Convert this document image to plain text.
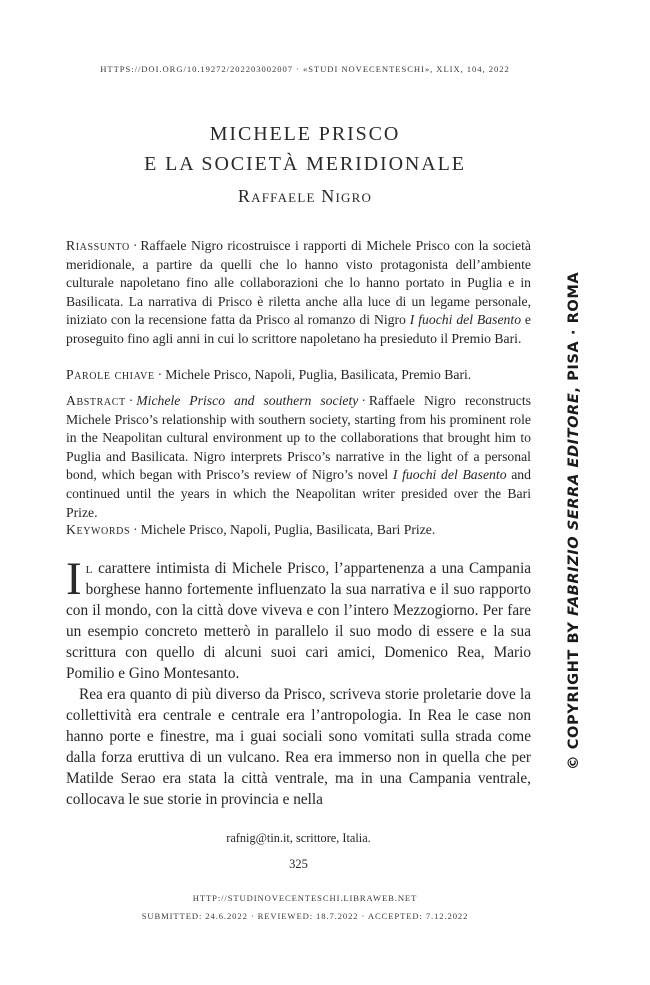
HTTPS://DOI.ORG/10.19272/202203002007 · «STUDI NOVECENTESCHI», XLIX, 104, 2022
MICHELE PRISCO
E LA SOCIETÀ MERIDIONALE
Raffaele Nigro
Riassunto · Raffaele Nigro ricostruisce i rapporti di Michele Prisco con la società meridionale, a partire da quelli che lo hanno visto protagonista dell’ambiente culturale napoletano fino alle collaborazioni che lo hanno portato in Puglia e in Basilicata. La narrativa di Prisco è riletta anche alla luce di un legame personale, iniziato con la recensione fatta da Prisco al romanzo di Nigro I fuochi del Basento e proseguito fino agli anni in cui lo scrittore napoletano ha presieduto il Premio Bari.
Parole chiave · Michele Prisco, Napoli, Puglia, Basilicata, Premio Bari.
Abstract · Michele Prisco and southern society · Raffaele Nigro reconstructs Michele Prisco’s relationship with southern society, starting from his prominent role in the Neapolitan cultural environment up to the collaborations that brought him to Puglia and Basilicata. Nigro interprets Prisco’s narrative in the light of a personal bond, which began with Prisco’s review of Nigro’s novel I fuochi del Basento and continued until the years in which the Neapolitan writer presided over the Bari Prize.
Keywords · Michele Prisco, Napoli, Puglia, Basilicata, Bari Prize.

Il carattere intimista di Michele Prisco, l’appartenenza a una Campania borghese hanno fortemente influenzato la sua narrativa e il suo rapporto con il mondo, con la città dove viveva e con l’intero Mezzogiorno. Per fare un esempio concreto metterò in parallelo il suo modo di essere e la sua scrittura con quello di alcuni suoi cari amici, Domenico Rea, Mario Pomilio e Gino Montesanto.

Rea era quanto di più diverso da Prisco, scriveva storie proletarie dove la collettività era centrale e centrale era l’antropologia. In Rea le case non hanno porte e finestre, ma i guai sociali sono vomitati sulla strada come dalla forza eruttiva di un vulcano. Rea era immerso non in quella che per Matilde Serao era stata la città ventrale, ma in una Campania ventrale, collocava le sue storie in provincia e nella

rafnig@tin.it, scrittore, Italia.
325
HTTP://STUDINOVECENTESCHI.LIBRAWEB.NET
SUBMITTED: 24.6.2022 · REVIEWED: 18.7.2022 · ACCEPTED: 7.12.2022
© COPYRIGHT BY FABRIZIO SERRA EDITORE, PISA · ROMA
